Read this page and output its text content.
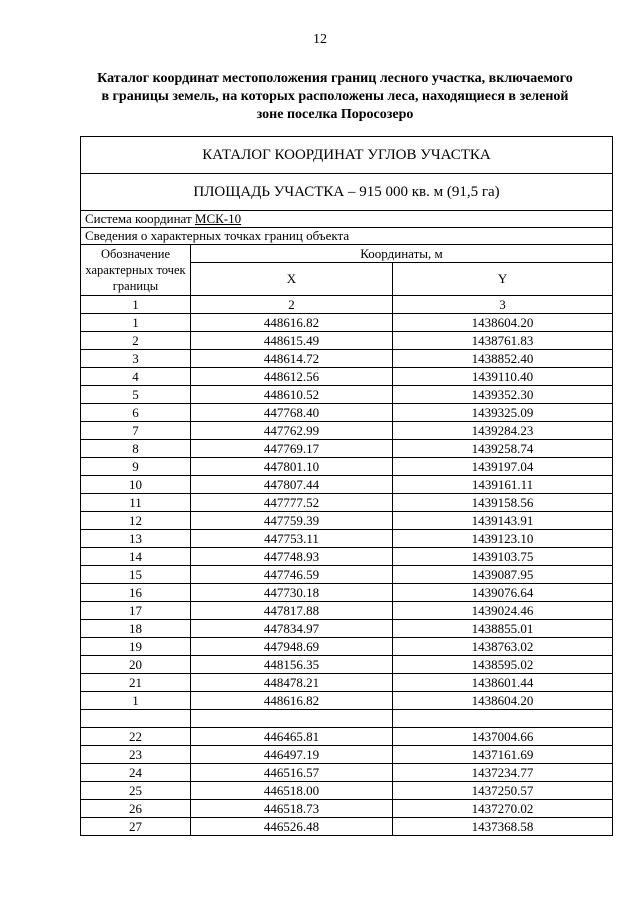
12
Каталог координат местоположения границ лесного участка, включаемого
в границы земель, на которых расположены леса, находящиеся в зеленой
зоне поселка Поросозеро
КАТАЛОГ КООРДИНАТ УГЛОВ УЧАСТКА		
ПЛОЩАДЬ УЧАСТКА – 915 000 кв. м (91,5 га)		
Система координат МСК-10		
Сведения о характерных точках границ объекта		
Обозначение характерных точек границы	Координаты, м	
	X	Y
1	2	3
1	448616.82	1438604.20
2	448615.49	1438761.83
3	448614.72	1438852.40
4	448612.56	1439110.40
5	448610.52	1439352.30
6	447768.40	1439325.09
7	447762.99	1439284.23
8	447769.17	1439258.74
9	447801.10	1439197.04
10	447807.44	1439161.11
11	447777.52	1439158.56
12	447759.39	1439143.91
13	447753.11	1439123.10
14	447748.93	1439103.75
15	447746.59	1439087.95
16	447730.18	1439076.64
17	447817.88	1439024.46
18	447834.97	1438855.01
19	447948.69	1438763.02
20	448156.35	1438595.02
21	448478.21	1438601.44
1	448616.82	1438604.20

22	446465.81	1437004.66
23	446497.19	1437161.69
24	446516.57	1437234.77
25	446518.00	1437250.57
26	446518.73	1437270.02
27	446526.48	1437368.58
